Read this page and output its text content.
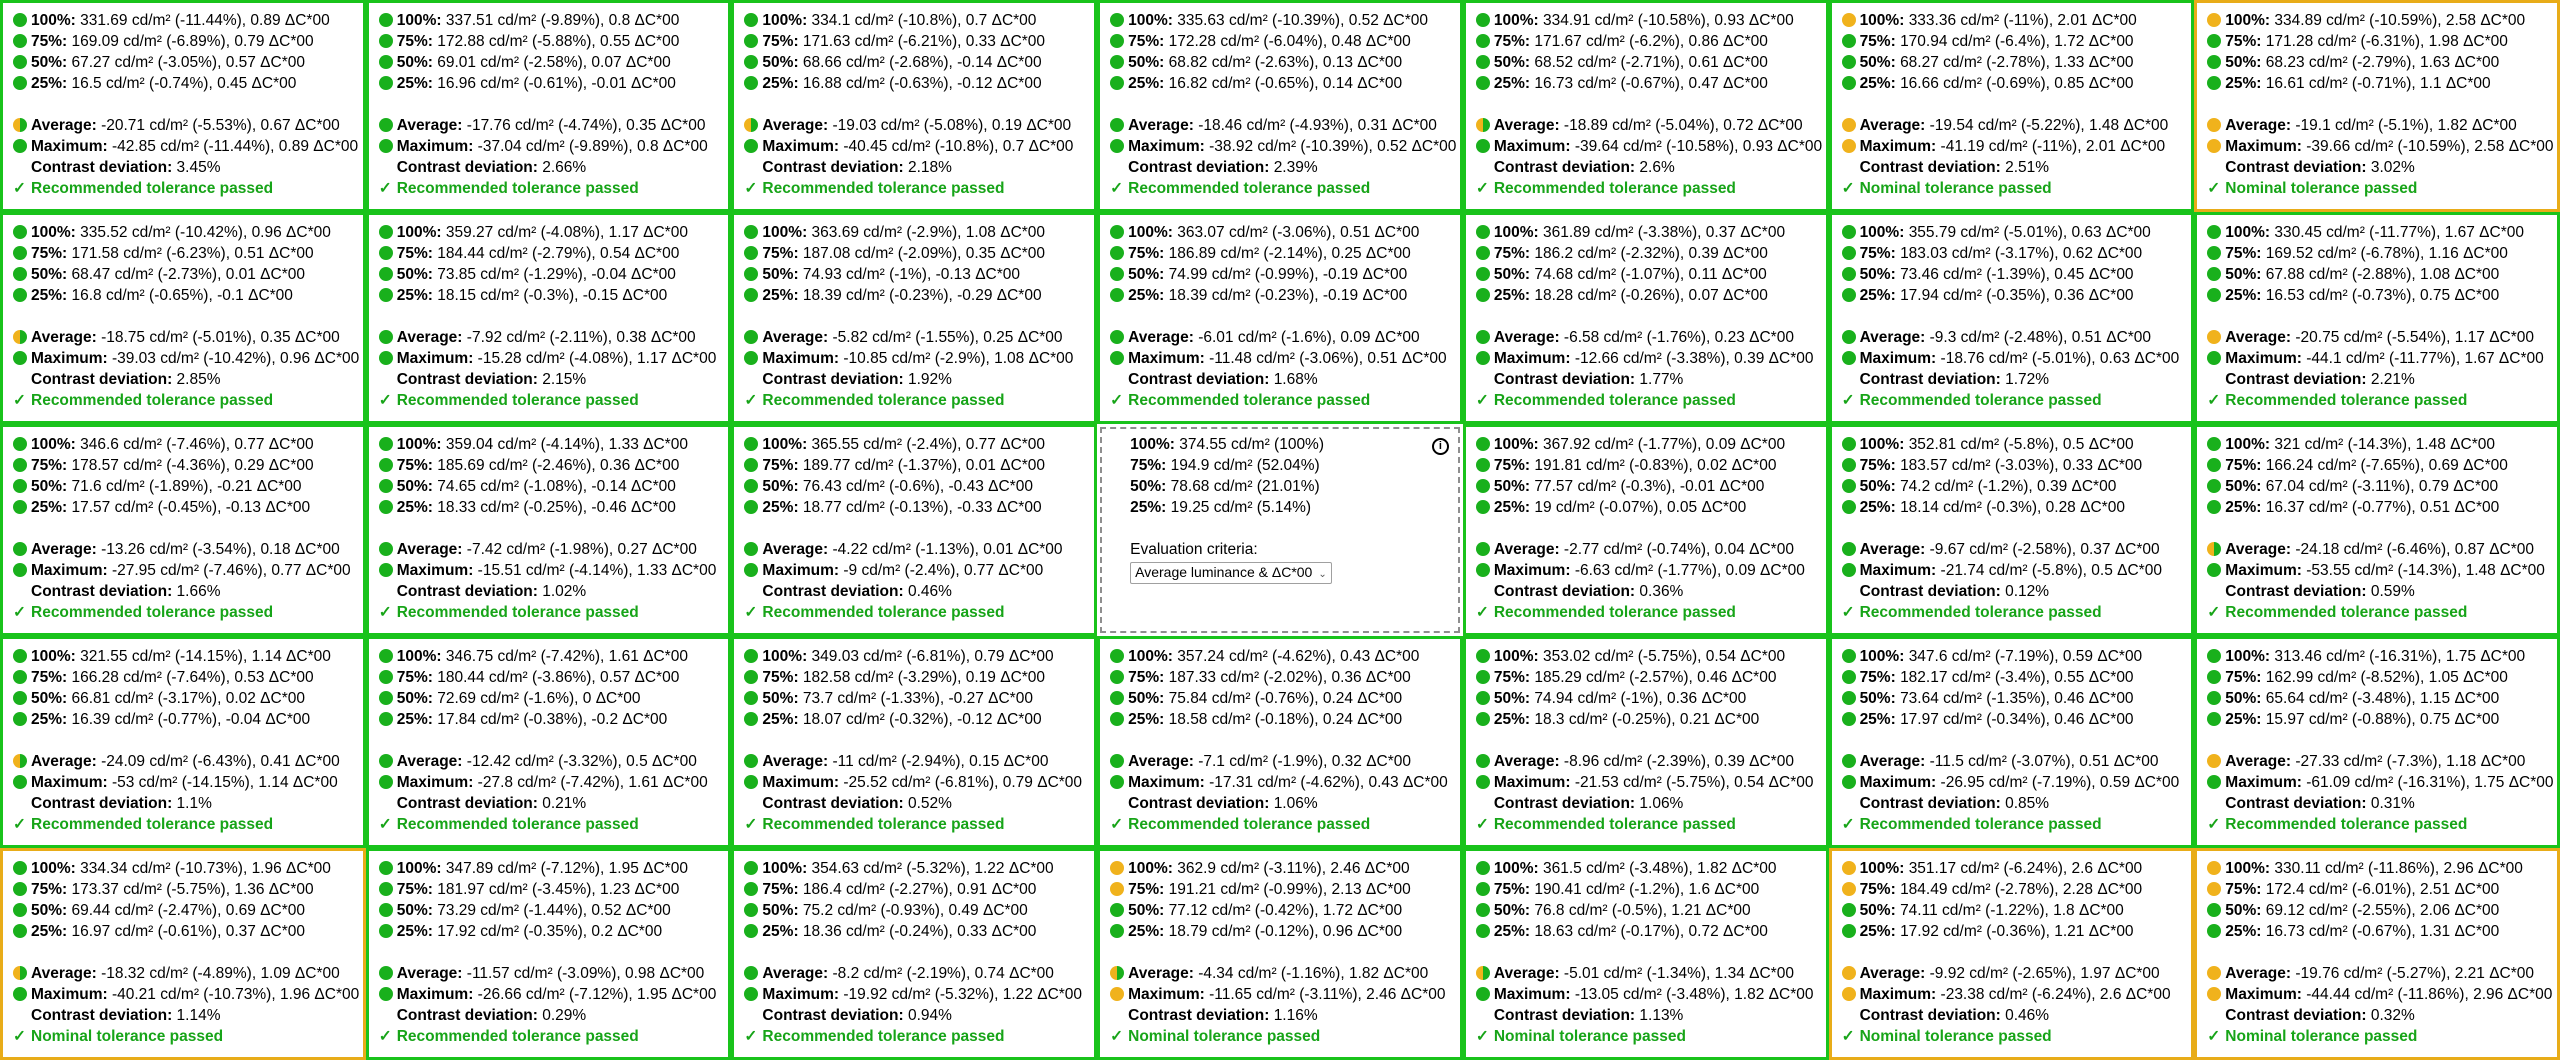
100%: 331.69 cd/m² (-11.44%), 0.89 ΔC*00
75%: 169.09 cd/m² (-6.89%), 0.79 ΔC*00
50%: 67.27 cd/m² (-3.05%), 0.57 ΔC*00
25%: 16.5 cd/m² (-0.74%), 0.45 ΔC*00
Average: -20.71 cd/m² (-5.53%), 0.67 ΔC*00
Maximum: -42.85 cd/m² (-11.44%), 0.89 ΔC*00
Contrast deviation: 3.45%
✓ Recommended tolerance passed
100%: 337.51 cd/m² (-9.89%), 0.8 ΔC*00
75%: 172.88 cd/m² (-5.88%), 0.55 ΔC*00
50%: 69.01 cd/m² (-2.58%), 0.07 ΔC*00
25%: 16.96 cd/m² (-0.61%), -0.01 ΔC*00
Average: -17.76 cd/m² (-4.74%), 0.35 ΔC*00
Maximum: -37.04 cd/m² (-9.89%), 0.8 ΔC*00
Contrast deviation: 2.66%
✓ Recommended tolerance passed
100%: 334.1 cd/m² (-10.8%), 0.7 ΔC*00
75%: 171.63 cd/m² (-6.21%), 0.33 ΔC*00
50%: 68.66 cd/m² (-2.68%), -0.14 ΔC*00
25%: 16.88 cd/m² (-0.63%), -0.12 ΔC*00
Average: -19.03 cd/m² (-5.08%), 0.19 ΔC*00
Maximum: -40.45 cd/m² (-10.8%), 0.7 ΔC*00
Contrast deviation: 2.18%
✓ Recommended tolerance passed
100%: 335.63 cd/m² (-10.39%), 0.52 ΔC*00
75%: 172.28 cd/m² (-6.04%), 0.48 ΔC*00
50%: 68.82 cd/m² (-2.63%), 0.13 ΔC*00
25%: 16.82 cd/m² (-0.65%), 0.14 ΔC*00
Average: -18.46 cd/m² (-4.93%), 0.31 ΔC*00
Maximum: -38.92 cd/m² (-10.39%), 0.52 ΔC*00
Contrast deviation: 2.39%
✓ Recommended tolerance passed
100%: 334.91 cd/m² (-10.58%), 0.93 ΔC*00
75%: 171.67 cd/m² (-6.2%), 0.86 ΔC*00
50%: 68.52 cd/m² (-2.71%), 0.61 ΔC*00
25%: 16.73 cd/m² (-0.67%), 0.47 ΔC*00
Average: -18.89 cd/m² (-5.04%), 0.72 ΔC*00
Maximum: -39.64 cd/m² (-10.58%), 0.93 ΔC*00
Contrast deviation: 2.6%
✓ Recommended tolerance passed
100%: 333.36 cd/m² (-11%), 2.01 ΔC*00
75%: 170.94 cd/m² (-6.4%), 1.72 ΔC*00
50%: 68.27 cd/m² (-2.78%), 1.33 ΔC*00
25%: 16.66 cd/m² (-0.69%), 0.85 ΔC*00
Average: -19.54 cd/m² (-5.22%), 1.48 ΔC*00
Maximum: -41.19 cd/m² (-11%), 2.01 ΔC*00
Contrast deviation: 2.51%
✓ Nominal tolerance passed
100%: 334.89 cd/m² (-10.59%), 2.58 ΔC*00
75%: 171.28 cd/m² (-6.31%), 1.98 ΔC*00
50%: 68.23 cd/m² (-2.79%), 1.63 ΔC*00
25%: 16.61 cd/m² (-0.71%), 1.1 ΔC*00
Average: -19.1 cd/m² (-5.1%), 1.82 ΔC*00
Maximum: -39.66 cd/m² (-10.59%), 2.58 ΔC*00
Contrast deviation: 3.02%
✓ Nominal tolerance passed
100%: 335.52 cd/m² (-10.42%), 0.96 ΔC*00
75%: 171.58 cd/m² (-6.23%), 0.51 ΔC*00
50%: 68.47 cd/m² (-2.73%), 0.01 ΔC*00
25%: 16.8 cd/m² (-0.65%), -0.1 ΔC*00
Average: -18.75 cd/m² (-5.01%), 0.35 ΔC*00
Maximum: -39.03 cd/m² (-10.42%), 0.96 ΔC*00
Contrast deviation: 2.85%
✓ Recommended tolerance passed
100%: 359.27 cd/m² (-4.08%), 1.17 ΔC*00
75%: 184.44 cd/m² (-2.79%), 0.54 ΔC*00
50%: 73.85 cd/m² (-1.29%), -0.04 ΔC*00
25%: 18.15 cd/m² (-0.3%), -0.15 ΔC*00
Average: -7.92 cd/m² (-2.11%), 0.38 ΔC*00
Maximum: -15.28 cd/m² (-4.08%), 1.17 ΔC*00
Contrast deviation: 2.15%
✓ Recommended tolerance passed
100%: 363.69 cd/m² (-2.9%), 1.08 ΔC*00
75%: 187.08 cd/m² (-2.09%), 0.35 ΔC*00
50%: 74.93 cd/m² (-1%), -0.13 ΔC*00
25%: 18.39 cd/m² (-0.23%), -0.29 ΔC*00
Average: -5.82 cd/m² (-1.55%), 0.25 ΔC*00
Maximum: -10.85 cd/m² (-2.9%), 1.08 ΔC*00
Contrast deviation: 1.92%
✓ Recommended tolerance passed
100%: 363.07 cd/m² (-3.06%), 0.51 ΔC*00
75%: 186.89 cd/m² (-2.14%), 0.25 ΔC*00
50%: 74.99 cd/m² (-0.99%), -0.19 ΔC*00
25%: 18.39 cd/m² (-0.23%), -0.19 ΔC*00
Average: -6.01 cd/m² (-1.6%), 0.09 ΔC*00
Maximum: -11.48 cd/m² (-3.06%), 0.51 ΔC*00
Contrast deviation: 1.68%
✓ Recommended tolerance passed
100%: 361.89 cd/m² (-3.38%), 0.37 ΔC*00
75%: 186.2 cd/m² (-2.32%), 0.39 ΔC*00
50%: 74.68 cd/m² (-1.07%), 0.11 ΔC*00
25%: 18.28 cd/m² (-0.26%), 0.07 ΔC*00
Average: -6.58 cd/m² (-1.76%), 0.23 ΔC*00
Maximum: -12.66 cd/m² (-3.38%), 0.39 ΔC*00
Contrast deviation: 1.77%
✓ Recommended tolerance passed
100%: 355.79 cd/m² (-5.01%), 0.63 ΔC*00
75%: 183.03 cd/m² (-3.17%), 0.62 ΔC*00
50%: 73.46 cd/m² (-1.39%), 0.45 ΔC*00
25%: 17.94 cd/m² (-0.35%), 0.36 ΔC*00
Average: -9.3 cd/m² (-2.48%), 0.51 ΔC*00
Maximum: -18.76 cd/m² (-5.01%), 0.63 ΔC*00
Contrast deviation: 1.72%
✓ Recommended tolerance passed
100%: 330.45 cd/m² (-11.77%), 1.67 ΔC*00
75%: 169.52 cd/m² (-6.78%), 1.16 ΔC*00
50%: 67.88 cd/m² (-2.88%), 1.08 ΔC*00
25%: 16.53 cd/m² (-0.73%), 0.75 ΔC*00
Average: -20.75 cd/m² (-5.54%), 1.17 ΔC*00
Maximum: -44.1 cd/m² (-11.77%), 1.67 ΔC*00
Contrast deviation: 2.21%
✓ Recommended tolerance passed
100%: 346.6 cd/m² (-7.46%), 0.77 ΔC*00
75%: 178.57 cd/m² (-4.36%), 0.29 ΔC*00
50%: 71.6 cd/m² (-1.89%), -0.21 ΔC*00
25%: 17.57 cd/m² (-0.45%), -0.13 ΔC*00
Average: -13.26 cd/m² (-3.54%), 0.18 ΔC*00
Maximum: -27.95 cd/m² (-7.46%), 0.77 ΔC*00
Contrast deviation: 1.66%
✓ Recommended tolerance passed
100%: 359.04 cd/m² (-4.14%), 1.33 ΔC*00
75%: 185.69 cd/m² (-2.46%), 0.36 ΔC*00
50%: 74.65 cd/m² (-1.08%), -0.14 ΔC*00
25%: 18.33 cd/m² (-0.25%), -0.46 ΔC*00
Average: -7.42 cd/m² (-1.98%), 0.27 ΔC*00
Maximum: -15.51 cd/m² (-4.14%), 1.33 ΔC*00
Contrast deviation: 1.02%
✓ Recommended tolerance passed
100%: 365.55 cd/m² (-2.4%), 0.77 ΔC*00
75%: 189.77 cd/m² (-1.37%), 0.01 ΔC*00
50%: 76.43 cd/m² (-0.6%), -0.43 ΔC*00
25%: 18.77 cd/m² (-0.13%), -0.33 ΔC*00
Average: -4.22 cd/m² (-1.13%), 0.01 ΔC*00
Maximum: -9 cd/m² (-2.4%), 0.77 ΔC*00
Contrast deviation: 0.46%
✓ Recommended tolerance passed
i
100%: 374.55 cd/m² (100%)
75%: 194.9 cd/m² (52.04%)
50%: 78.68 cd/m² (21.01%)
25%: 19.25 cd/m² (5.14%)
Evaluation criteria:
Average luminance & ΔC*00 ⌄
100%: 367.92 cd/m² (-1.77%), 0.09 ΔC*00
75%: 191.81 cd/m² (-0.83%), 0.02 ΔC*00
50%: 77.57 cd/m² (-0.3%), -0.01 ΔC*00
25%: 19 cd/m² (-0.07%), 0.05 ΔC*00
Average: -2.77 cd/m² (-0.74%), 0.04 ΔC*00
Maximum: -6.63 cd/m² (-1.77%), 0.09 ΔC*00
Contrast deviation: 0.36%
✓ Recommended tolerance passed
100%: 352.81 cd/m² (-5.8%), 0.5 ΔC*00
75%: 183.57 cd/m² (-3.03%), 0.33 ΔC*00
50%: 74.2 cd/m² (-1.2%), 0.39 ΔC*00
25%: 18.14 cd/m² (-0.3%), 0.28 ΔC*00
Average: -9.67 cd/m² (-2.58%), 0.37 ΔC*00
Maximum: -21.74 cd/m² (-5.8%), 0.5 ΔC*00
Contrast deviation: 0.12%
✓ Recommended tolerance passed
100%: 321 cd/m² (-14.3%), 1.48 ΔC*00
75%: 166.24 cd/m² (-7.65%), 0.69 ΔC*00
50%: 67.04 cd/m² (-3.11%), 0.79 ΔC*00
25%: 16.37 cd/m² (-0.77%), 0.51 ΔC*00
Average: -24.18 cd/m² (-6.46%), 0.87 ΔC*00
Maximum: -53.55 cd/m² (-14.3%), 1.48 ΔC*00
Contrast deviation: 0.59%
✓ Recommended tolerance passed
100%: 321.55 cd/m² (-14.15%), 1.14 ΔC*00
75%: 166.28 cd/m² (-7.64%), 0.53 ΔC*00
50%: 66.81 cd/m² (-3.17%), 0.02 ΔC*00
25%: 16.39 cd/m² (-0.77%), -0.04 ΔC*00
Average: -24.09 cd/m² (-6.43%), 0.41 ΔC*00
Maximum: -53 cd/m² (-14.15%), 1.14 ΔC*00
Contrast deviation: 1.1%
✓ Recommended tolerance passed
100%: 346.75 cd/m² (-7.42%), 1.61 ΔC*00
75%: 180.44 cd/m² (-3.86%), 0.57 ΔC*00
50%: 72.69 cd/m² (-1.6%), 0 ΔC*00
25%: 17.84 cd/m² (-0.38%), -0.2 ΔC*00
Average: -12.42 cd/m² (-3.32%), 0.5 ΔC*00
Maximum: -27.8 cd/m² (-7.42%), 1.61 ΔC*00
Contrast deviation: 0.21%
✓ Recommended tolerance passed
100%: 349.03 cd/m² (-6.81%), 0.79 ΔC*00
75%: 182.58 cd/m² (-3.29%), 0.19 ΔC*00
50%: 73.7 cd/m² (-1.33%), -0.27 ΔC*00
25%: 18.07 cd/m² (-0.32%), -0.12 ΔC*00
Average: -11 cd/m² (-2.94%), 0.15 ΔC*00
Maximum: -25.52 cd/m² (-6.81%), 0.79 ΔC*00
Contrast deviation: 0.52%
✓ Recommended tolerance passed
100%: 357.24 cd/m² (-4.62%), 0.43 ΔC*00
75%: 187.33 cd/m² (-2.02%), 0.36 ΔC*00
50%: 75.84 cd/m² (-0.76%), 0.24 ΔC*00
25%: 18.58 cd/m² (-0.18%), 0.24 ΔC*00
Average: -7.1 cd/m² (-1.9%), 0.32 ΔC*00
Maximum: -17.31 cd/m² (-4.62%), 0.43 ΔC*00
Contrast deviation: 1.06%
✓ Recommended tolerance passed
100%: 353.02 cd/m² (-5.75%), 0.54 ΔC*00
75%: 185.29 cd/m² (-2.57%), 0.46 ΔC*00
50%: 74.94 cd/m² (-1%), 0.36 ΔC*00
25%: 18.3 cd/m² (-0.25%), 0.21 ΔC*00
Average: -8.96 cd/m² (-2.39%), 0.39 ΔC*00
Maximum: -21.53 cd/m² (-5.75%), 0.54 ΔC*00
Contrast deviation: 1.06%
✓ Recommended tolerance passed
100%: 347.6 cd/m² (-7.19%), 0.59 ΔC*00
75%: 182.17 cd/m² (-3.4%), 0.55 ΔC*00
50%: 73.64 cd/m² (-1.35%), 0.46 ΔC*00
25%: 17.97 cd/m² (-0.34%), 0.46 ΔC*00
Average: -11.5 cd/m² (-3.07%), 0.51 ΔC*00
Maximum: -26.95 cd/m² (-7.19%), 0.59 ΔC*00
Contrast deviation: 0.85%
✓ Recommended tolerance passed
100%: 313.46 cd/m² (-16.31%), 1.75 ΔC*00
75%: 162.99 cd/m² (-8.52%), 1.05 ΔC*00
50%: 65.64 cd/m² (-3.48%), 1.15 ΔC*00
25%: 15.97 cd/m² (-0.88%), 0.75 ΔC*00
Average: -27.33 cd/m² (-7.3%), 1.18 ΔC*00
Maximum: -61.09 cd/m² (-16.31%), 1.75 ΔC*00
Contrast deviation: 0.31%
✓ Recommended tolerance passed
100%: 334.34 cd/m² (-10.73%), 1.96 ΔC*00
75%: 173.37 cd/m² (-5.75%), 1.36 ΔC*00
50%: 69.44 cd/m² (-2.47%), 0.69 ΔC*00
25%: 16.97 cd/m² (-0.61%), 0.37 ΔC*00
Average: -18.32 cd/m² (-4.89%), 1.09 ΔC*00
Maximum: -40.21 cd/m² (-10.73%), 1.96 ΔC*00
Contrast deviation: 1.14%
✓ Nominal tolerance passed
100%: 347.89 cd/m² (-7.12%), 1.95 ΔC*00
75%: 181.97 cd/m² (-3.45%), 1.23 ΔC*00
50%: 73.29 cd/m² (-1.44%), 0.52 ΔC*00
25%: 17.92 cd/m² (-0.35%), 0.2 ΔC*00
Average: -11.57 cd/m² (-3.09%), 0.98 ΔC*00
Maximum: -26.66 cd/m² (-7.12%), 1.95 ΔC*00
Contrast deviation: 0.29%
✓ Recommended tolerance passed
100%: 354.63 cd/m² (-5.32%), 1.22 ΔC*00
75%: 186.4 cd/m² (-2.27%), 0.91 ΔC*00
50%: 75.2 cd/m² (-0.93%), 0.49 ΔC*00
25%: 18.36 cd/m² (-0.24%), 0.33 ΔC*00
Average: -8.2 cd/m² (-2.19%), 0.74 ΔC*00
Maximum: -19.92 cd/m² (-5.32%), 1.22 ΔC*00
Contrast deviation: 0.94%
✓ Recommended tolerance passed
100%: 362.9 cd/m² (-3.11%), 2.46 ΔC*00
75%: 191.21 cd/m² (-0.99%), 2.13 ΔC*00
50%: 77.12 cd/m² (-0.42%), 1.72 ΔC*00
25%: 18.79 cd/m² (-0.12%), 0.96 ΔC*00
Average: -4.34 cd/m² (-1.16%), 1.82 ΔC*00
Maximum: -11.65 cd/m² (-3.11%), 2.46 ΔC*00
Contrast deviation: 1.16%
✓ Nominal tolerance passed
100%: 361.5 cd/m² (-3.48%), 1.82 ΔC*00
75%: 190.41 cd/m² (-1.2%), 1.6 ΔC*00
50%: 76.8 cd/m² (-0.5%), 1.21 ΔC*00
25%: 18.63 cd/m² (-0.17%), 0.72 ΔC*00
Average: -5.01 cd/m² (-1.34%), 1.34 ΔC*00
Maximum: -13.05 cd/m² (-3.48%), 1.82 ΔC*00
Contrast deviation: 1.13%
✓ Nominal tolerance passed
100%: 351.17 cd/m² (-6.24%), 2.6 ΔC*00
75%: 184.49 cd/m² (-2.78%), 2.28 ΔC*00
50%: 74.11 cd/m² (-1.22%), 1.8 ΔC*00
25%: 17.92 cd/m² (-0.36%), 1.21 ΔC*00
Average: -9.92 cd/m² (-2.65%), 1.97 ΔC*00
Maximum: -23.38 cd/m² (-6.24%), 2.6 ΔC*00
Contrast deviation: 0.46%
✓ Nominal tolerance passed
100%: 330.11 cd/m² (-11.86%), 2.96 ΔC*00
75%: 172.4 cd/m² (-6.01%), 2.51 ΔC*00
50%: 69.12 cd/m² (-2.55%), 2.06 ΔC*00
25%: 16.73 cd/m² (-0.67%), 1.31 ΔC*00
Average: -19.76 cd/m² (-5.27%), 2.21 ΔC*00
Maximum: -44.44 cd/m² (-11.86%), 2.96 ΔC*00
Contrast deviation: 0.32%
✓ Nominal tolerance passed
